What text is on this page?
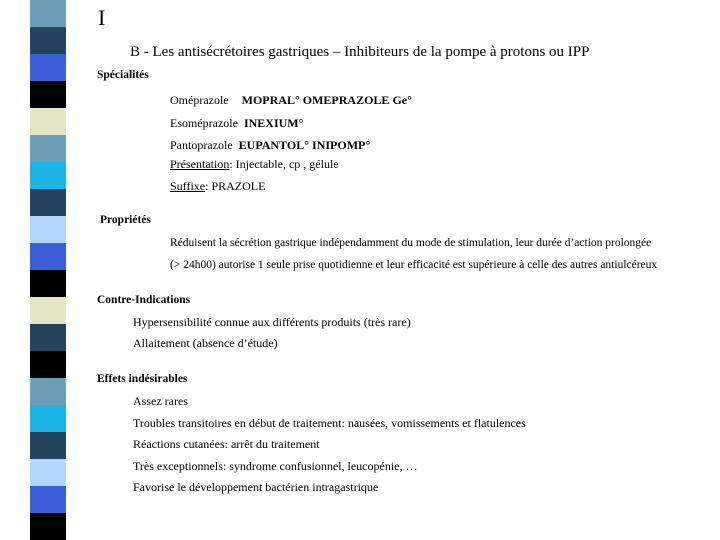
I
B - Les antisécrétoires gastriques – Inhibiteurs de la pompe à protons ou IPP
Spécialités
Oméprazole MOPRAL° OMEPRAZOLE Ge°
Esoméprazole INEXIUM°
Pantoprazole EUPANTOL° INIPOMP°
Présentation: Injectable, cp , gélule
Suffixe: PRAZOLE
Propriétés
Réduisent la sécrétion gastrique indépendamment du mode de stimulation, leur durée d’action prolongée
(> 24h00) autorise 1 seule prise quotidienne et leur efficacité est supérieure à celle des autres antiulcéreux
Contre-Indications
Hypersensibilité connue aux différents produits (très rare)
Allaitement (absence d’étude)
Effets indésirables
Assez rares
Troubles transitoires en début de traitement: nausées, vomissements et flatulences
Réactions cutanées: arrêt du traitement
Très exceptionnels: syndrome confusionnel, leucopénie, …
Favorise le développement bactérien intragastrique
